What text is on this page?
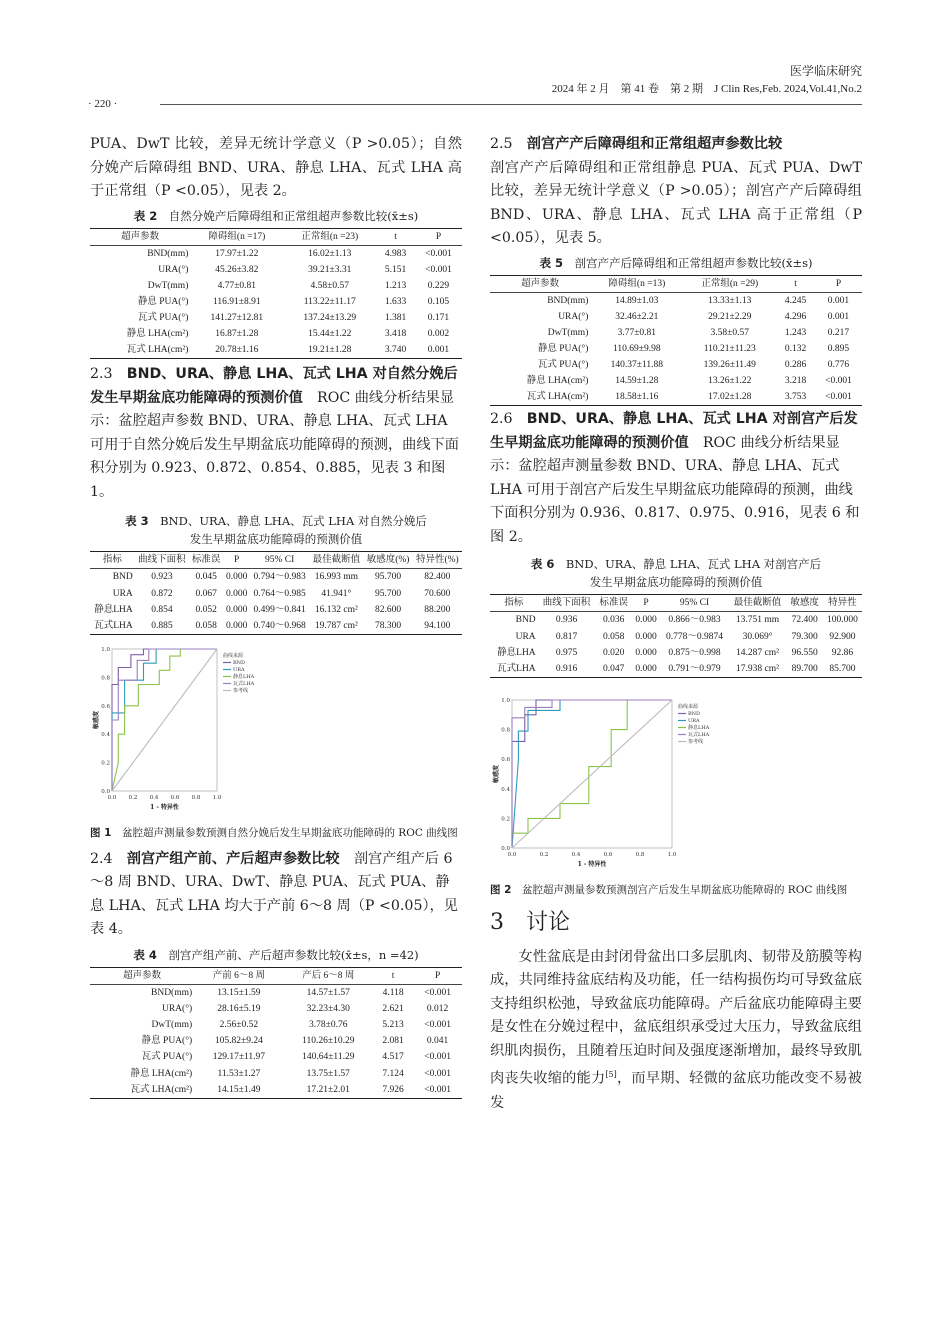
医学临床研究
2024 年 2 月　第 41 卷　第 2 期　J Clin Res,Feb. 2024,Vol.41,No.2
· 220 ·

PUA、DwT 比较，差异无统计学意义（P >0.05）；自然分娩产后障碍组 BND、URA、静息 LHA、瓦式 LHA 高于正常组（P <0.05），见表 2。

表 2　 自然分娩产后障碍组和正常组超声参数比较(x̄±s)
超声参数	障碍组(n =17)	正常组(n =23)	t	P
BND(mm)	17.97±1.22	16.02±1.13	4.983	<0.001
URA(°)	45.26±3.82	39.21±3.31	5.151	<0.001
DwT(mm)	4.77±0.81	4.58±0.57	1.213	0.229
静息 PUA(°)	116.91±8.91	113.22±11.17	1.633	0.105
瓦式 PUA(°)	141.27±12.81	137.24±13.29	1.381	0.171
静息 LHA(cm²)	16.87±1.28	15.44±1.22	3.418	0.002
瓦式 LHA(cm²)	20.78±1.16	19.21±1.28	3.740	0.001
2.3　 BND、URA、静息 LHA、瓦式 LHA 对自然分娩后发生早期盆底功能障碍的预测价值　 ROC 曲线分析结果显示：盆腔超声参数 BND、URA、静息 LHA、瓦式 LHA 可用于自然分娩后发生早期盆底功能障碍的预测，曲线下面积分别为 0.923、0.872、0.854、0.885，见表 3 和图 1。
表 3　 BND、URA、静息 LHA、瓦式 LHA 对自然分娩后
发生早期盆底功能障碍的预测价值
指标	曲线下面积	标准误	P	95% CI	最佳截断值	敏感度(%)	特异性(%)
BND	0.923	0.045	0.000	0.794～0.983	16.993 mm	95.700	82.400
URA	0.872	0.067	0.000	0.764～0.985	41.941°	95.700	70.600
静息LHA	0.854	0.052	0.000	0.499～0.841	16.132 cm²	82.600	88.200
瓦式LHA	0.885	0.058	0.000	0.740～0.968	19.787 cm²	78.300	94.100
0.0
0.0
0.2
0.2
0.4
0.4
0.6
0.6
0.8
0.8
1.0
1.0
1 - 特异性
敏感度
曲线来源
BND
URA
静息LHA
瓦式LHA
参考线
图 1　 盆腔超声测量参数预测自然分娩后发生早期盆底功能障碍的 ROC 曲线图
2.4　 剖宫产组产前、产后超声参数比较　 剖宫产组产后 6～8 周 BND、URA、DwT、静息 PUA、瓦式 PUA、静息 LHA、瓦式 LHA 均大于产前 6～8 周（P <0.05），见表 4。
表 4　 剖宫产组产前、产后超声参数比较(x̄±s，n =42)
超声参数	产前 6～8 周	产后 6～8 周	t	P
BND(mm)	13.15±1.59	14.57±1.57	4.118	<0.001
URA(°)	28.16±5.19	32.23±4.30	2.621	0.012
DwT(mm)	2.56±0.52	3.78±0.76	5.213	<0.001
静息 PUA(°)	105.82±9.24	110.26±10.29	2.081	0.041
瓦式 PUA(°)	129.17±11.97	140.64±11.29	4.517	<0.001
静息 LHA(cm²)	11.53±1.27	13.75±1.57	7.124	<0.001
瓦式 LHA(cm²)	14.15±1.49	17.21±2.01	7.926	<0.001
2.5　 剖宫产产后障碍组和正常组超声参数比较

剖宫产产后障碍组和正常组静息 PUA、瓦式 PUA、DwT 比较，差异无统计学意义（P >0.05）；剖宫产产后障碍组 BND、URA、静息 LHA、瓦式 LHA 高于正常组（P <0.05），见表 5。

表 5　 剖宫产产后障碍组和正常组超声参数比较(x̄±s)
超声参数	障碍组(n =13)	正常组(n =29)	t	P
BND(mm)	14.89±1.03	13.33±1.13	4.245	0.001
URA(°)	32.46±2.21	29.21±2.29	4.296	0.001
DwT(mm)	3.77±0.81	3.58±0.57	1.243	0.217
静息 PUA(°)	110.69±9.98	110.21±11.23	0.132	0.895
瓦式 PUA(°)	140.37±11.88	139.26±11.49	0.286	0.776
静息 LHA(cm²)	14.59±1.28	13.26±1.22	3.218	<0.001
瓦式 LHA(cm²)	18.58±1.16	17.02±1.28	3.753	<0.001
2.6　 BND、URA、静息 LHA、瓦式 LHA 对剖宫产后发生早期盆底功能障碍的预测价值　 ROC 曲线分析结果显示：盆腔超声测量参数 BND、URA、静息 LHA、瓦式 LHA 可用于剖宫产后发生早期盆底功能障碍的预测，曲线下面积分别为 0.936、0.817、0.975、0.916，见表 6 和图 2。
表 6　 BND、URA、静息 LHA、瓦式 LHA 对剖宫产后
发生早期盆底功能障碍的预测价值
指标	曲线下面积	标准误	P	95% CI	最佳截断值	敏感度	特异性
BND	0.936	0.036	0.000	0.866～0.983	13.751 mm	72.400	100.000
URA	0.817	0.058	0.000	0.778～0.9874	30.069°	79.300	92.900
静息LHA	0.975	0.020	0.000	0.875～0.998	14.287 cm²	96.550	92.86
瓦式LHA	0.916	0.047	0.000	0.791～0.979	17.938 cm²	89.700	85.700
0.0
0.0
0.2
0.2
0.4
0.4
0.6
0.6
0.8
0.8
1.0
1.0
1 - 特异性
敏感度
曲线来源
BND
URA
静息LHA
瓦式LHA
参考线
图 2　 盆腔超声测量参数预测剖宫产后发生早期盆底功能障碍的 ROC 曲线图
3　 讨论

女性盆底是由封闭骨盆出口多层肌肉、韧带及筋膜等构成，共同维持盆底结构及功能，任一结构损伤均可导致盆底支持组织松弛，导致盆底功能障碍。产后盆底功能障碍主要是女性在分娩过程中，盆底组织承受过大压力，导致盆底组织肌肉损伤，且随着压迫时间及强度逐渐增加，最终导致肌肉丧失收缩的能力[5]，而早期、轻微的盆底功能改变不易被发
